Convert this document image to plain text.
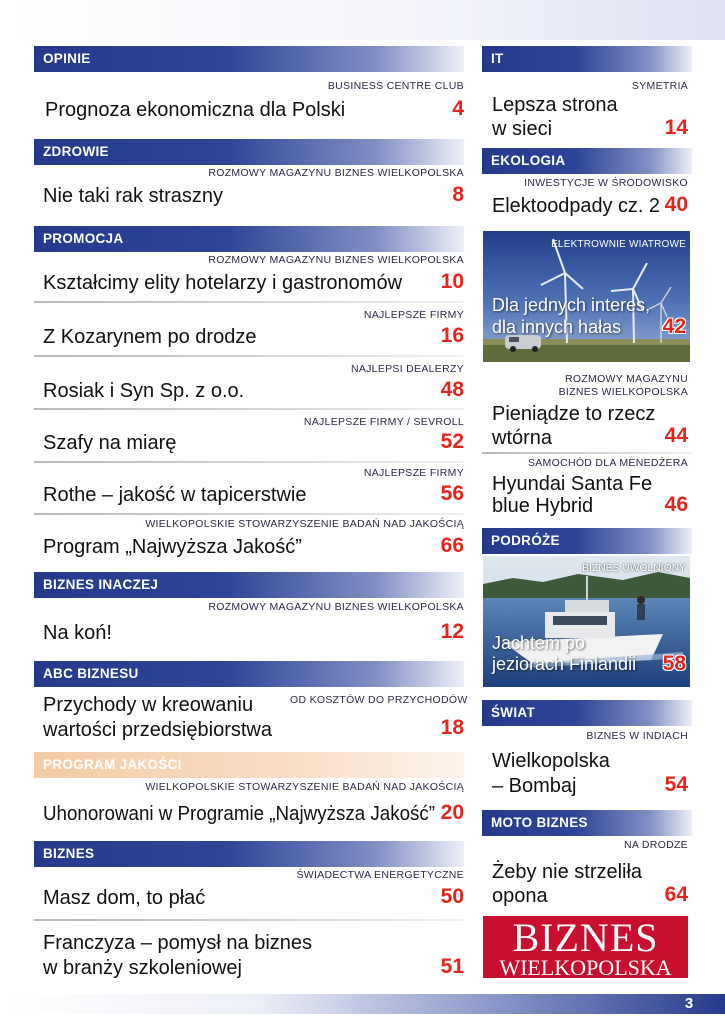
OPINIE
BUSINESS CENTRE CLUB
Prognoza ekonomiczna dla Polski	4
ZDROWIE
ROZMOWY MAGAZYNU BIZNES WIELKOPOLSKA
Nie taki rak straszny	8
PROMOCJA
ROZMOWY MAGAZYNU BIZNES WIELKOPOLSKA
Kształcimy elity hotelarzy i gastronomów	10
NAJLEPSZE FIRMY
Z Kozarynem po drodze	16
NAJLEPSI DEALERZY
Rosiak i Syn Sp. z o.o.	48
NAJLEPSZE FIRMY / SEVROLL
Szafy na miarę	52
NAJLEPSZE FIRMY
Rothe – jakość w tapicerstwie	56
WIELKOPOLSKIE STOWARZYSZENIE BADAŃ NAD JAKOŚCIĄ
Program „Najwyższa Jakość”	66
BIZNES INACZEJ
ROZMOWY MAGAZYNU BIZNES WIELKOPOLSKA
Na koń!	12
ABC BIZNESU
OD KOSZTÓW DO PRZYCHODÓW
Przychody w kreowaniu
wartości przedsiębiorstwa	18
PROGRAM JAKOŚCI
WIELKOPOLSKIE STOWARZYSZENIE BADAŃ NAD JAKOŚCIĄ
Uhonorowani w Programie „Najwyższa Jakość” 20
BIZNES
ŚWIADECTWA ENERGETYCZNE
Masz dom, to płać	50
Franczyza – pomysł na biznes
w branży szkoleniowej	51
IT
SYMETRIA
Lepsza strona
w sieci	14
EKOLOGIA
INWESTYCJE W ŚRODOWISKO
Elektoodpady cz. 2 40
ELEKTROWNIE WIATROWE
Dla jednych interes,
dla innych hałas 42
ROZMOWY MAGAZYNU
BIZNES WIELKOPOLSKA
Pieniądze to rzecz
wtórna	44
SAMOCHÓD DLA MENEDŻERA
Hyundai Santa Fe
blue Hybrid	46
PODRÓŻE
BIZNES UWOLNIONY
Jachtem po
jeziorach Finlandii 58
ŚWIAT
BIZNES W INDIACH
Wielkopolska
– Bombaj	54
MOTO BIZNES
NA DRODZE
Żeby nie strzeliła
opona	64
BIZNES
WIELKOPOLSKA
3
